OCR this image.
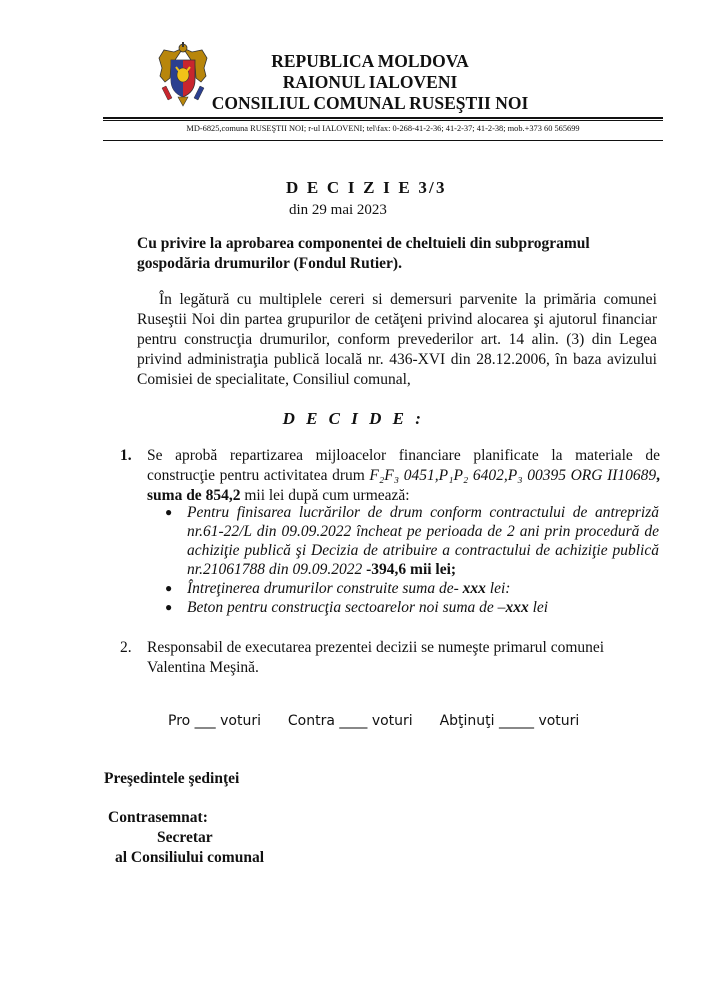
REPUBLICA MOLDOVA
RAIONUL IALOVENI
CONSILIUL COMUNAL RUSEŞTII NOI
MD-6825,comuna RUSEŞTII NOI; r-ul IALOVENI; tel\fax: 0-268-41-2-36; 41-2-37; 41-2-38; mob.+373 60 565699
D E C I Z I E 3/3
din 29 mai 2023
Cu privire la aprobarea componentei de cheltuieli din subprogramul gospodăria drumurilor (Fondul Rutier).

În legătură cu multiplele cereri si demersuri parvenite la primăria comunei Ruseştii Noi din partea grupurilor de cetăţeni privind alocarea şi ajutorul financiar pentru construcţia drumurilor, conform prevederilor art. 14 alin. (3) din Legea privind administraţia publică locală nr. 436-XVI din 28.12.2006, în baza avizului Comisiei de specialitate, Consiliul comunal,

D E C I D E :
1. Se aprobă repartizarea mijloacelor financiare planificate la materiale de construcţie pentru activitatea drum F₂F₃ 0451,P₁P₂ 6402,P₃ 00395 ORG II10689, suma de 854,2 mii lei după cum urmează:
● Pentru finisarea lucrărilor de drum conform contractului de antrepriză nr.61-22/L din 09.09.2022 încheat pe perioada de 2 ani prin procedură de achiziţie publică şi Decizia de atribuire a contractului de achiziţie publică nr.21061788 din 09.09.2022 -394,6 mii lei;
● Întreţinerea drumurilor construite suma de- xxx lei:
● Beton pentru construcţia sectoarelor noi suma de –xxx lei
2. Responsabil de executarea prezentei decizii se numeşte primarul comunei Valentina Meşină.
Pro ___ voturi Contra ____ voturi Abţinuţi _____ voturi
Preşedintele şedinţei
Contrasemnat:
Secretar
al Consiliului comunal
